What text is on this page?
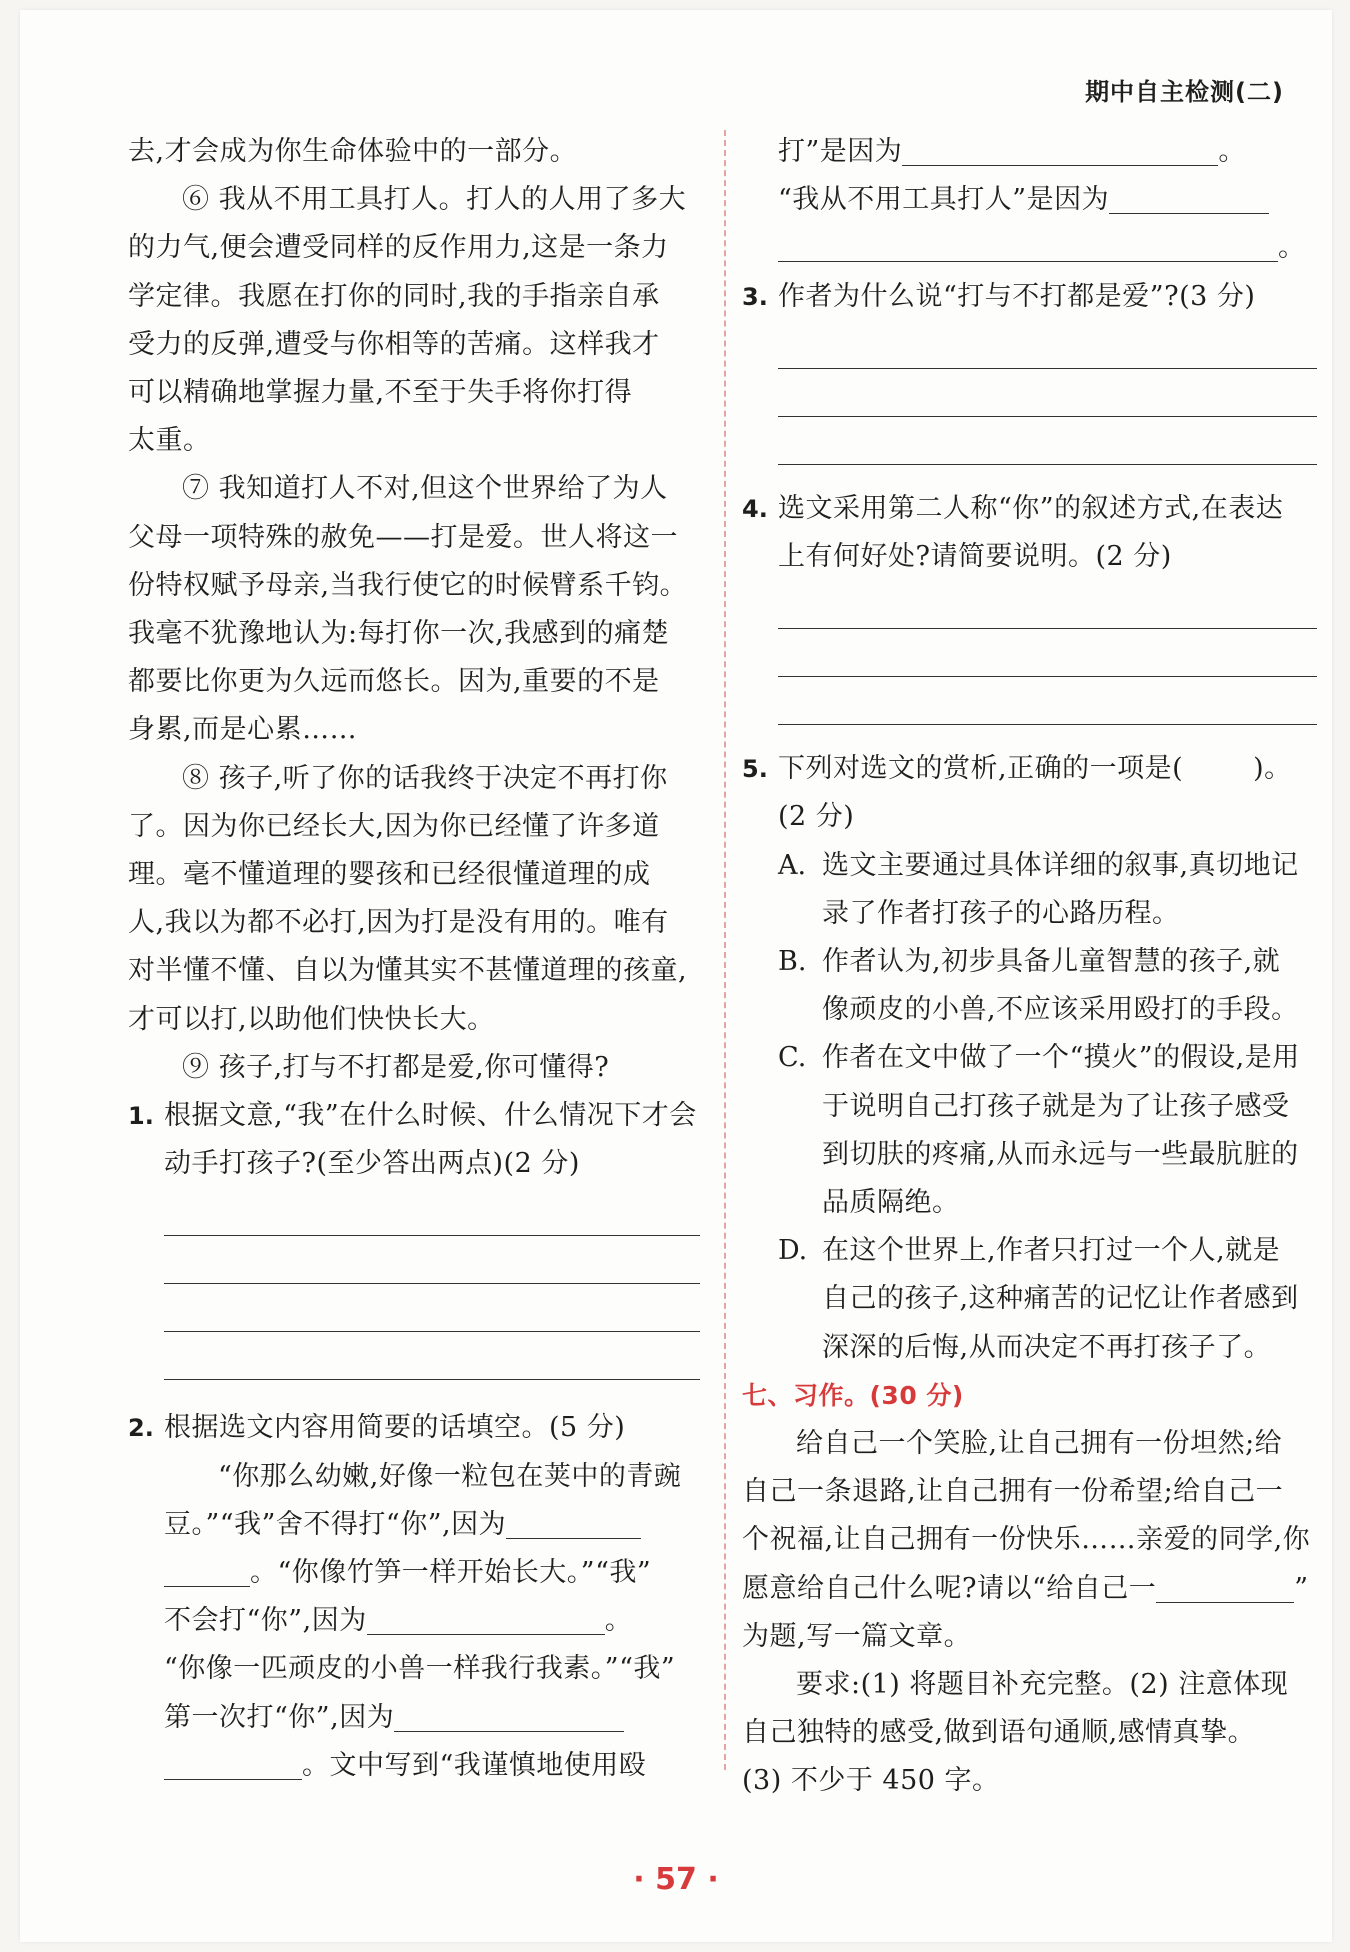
期中自主检测(二)
去,才会成为你生命体验中的一部分。
⑥ 我从不用工具打人。打人的人用了多大
的力气,便会遭受同样的反作用力,这是一条力
学定律。我愿在打你的同时,我的手指亲自承
受力的反弹,遭受与你相等的苦痛。这样我才
可以精确地掌握力量,不至于失手将你打得
太重。
⑦ 我知道打人不对,但这个世界给了为人
父母一项特殊的赦免——打是爱。世人将这一
份特权赋予母亲,当我行使它的时候臂系千钧。
我毫不犹豫地认为:每打你一次,我感到的痛楚
都要比你更为久远而悠长。因为,重要的不是
身累,而是心累……
⑧ 孩子,听了你的话我终于决定不再打你
了。因为你已经长大,因为你已经懂了许多道
理。毫不懂道理的婴孩和已经很懂道理的成
人,我以为都不必打,因为打是没有用的。唯有
对半懂不懂、自以为懂其实不甚懂道理的孩童,
才可以打,以助他们快快长大。
⑨ 孩子,打与不打都是爱,你可懂得?
1. 根据文意,“我”在什么时候、什么情况下才会
动手打孩子?(至少答出两点)(2 分)
2. 根据选文内容用简要的话填空。(5 分)
“你那么幼嫩,好像一粒包在荚中的青豌
豆。”“我”舍不得打“你”,因为
。“你像竹笋一样开始长大。”“我”
不会打“你”,因为	。
“你像一匹顽皮的小兽一样我行我素。”“我”
第一次打“你”,因为
。文中写到“我谨慎地使用殴
打”是因为	。
“我从不用工具打人”是因为
。
3. 作者为什么说“打与不打都是爱”?(3 分)
4. 选文采用第二人称“你”的叙述方式,在表达
上有何好处?请简要说明。(2 分)
5. 下列对选文的赏析,正确的一项是(	)。
(2 分)
A. 选文主要通过具体详细的叙事,真切地记
录了作者打孩子的心路历程。
B. 作者认为,初步具备儿童智慧的孩子,就
像顽皮的小兽,不应该采用殴打的手段。
C. 作者在文中做了一个“摸火”的假设,是用
于说明自己打孩子就是为了让孩子感受
到切肤的疼痛,从而永远与一些最肮脏的
品质隔绝。
D. 在这个世界上,作者只打过一个人,就是
自己的孩子,这种痛苦的记忆让作者感到
深深的后悔,从而决定不再打孩子了。
七、习作。(30 分)
给自己一个笑脸,让自己拥有一份坦然;给
自己一条退路,让自己拥有一份希望;给自己一
个祝福,让自己拥有一份快乐……亲爱的同学,你
愿意给自己什么呢?请以“给自己一	”
为题,写一篇文章。
要求:(1) 将题目补充完整。(2) 注意体现
自己独特的感受,做到语句通顺,感情真挚。
(3) 不少于 450 字。
· 57 ·
